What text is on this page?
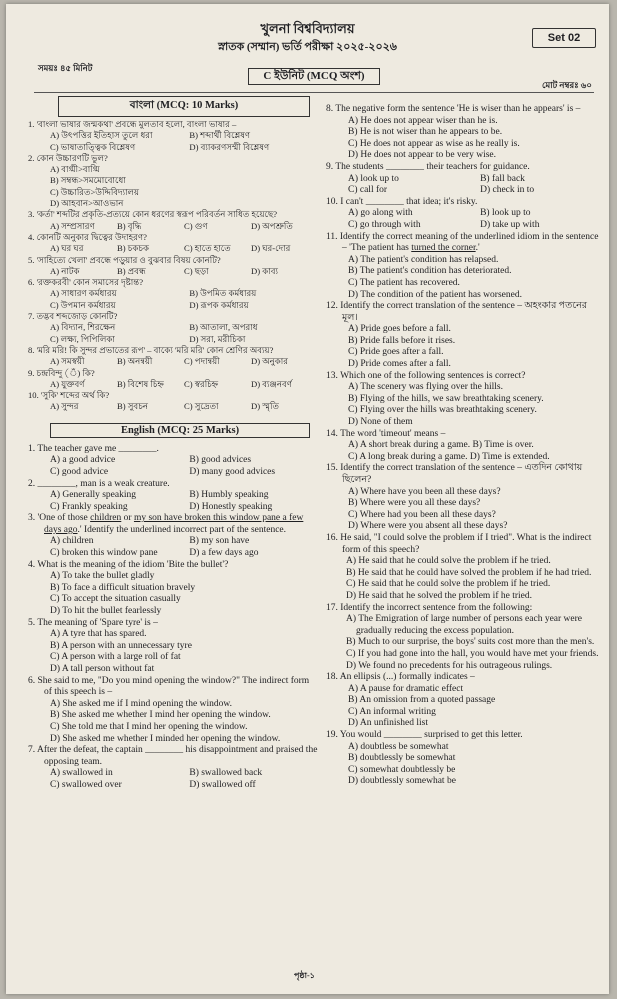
খুলনা বিশ্ববিদ্যালয়
স্নাতক (সম্মান) ভর্তি পরীক্ষা ২০২৫-২০২৬
Set 02
সময়ঃ ৪৫ মিনিট
C ইউনিট (MCQ অংশ)
মোট নম্বরঃ ৬০
বাংলা (MCQ: 10 Marks)
1. 'বাংলা ভাষার জন্মকথা' প্রবন্ধে মুলতাব হলো, বাংলা ভাষার –
A) উৎপত্তির ইতিহাস তুলে ধরা	B) শব্দার্থী বিশ্লেষণ
C) ভাষাতাত্ত্বিক বিশ্লেষণ	D) ব্যাকরণসম্মী বিশ্লেষণ
2. কোন উচ্চারণটি ভুল?
A) বাগ্মী>বাগ্মি
B) সম্বন্ধ>সমমোবোধো
C) উচ্চারিত>উদ্দিবিদ্যালয়
D) আহবান>আওভান
3. 'কর্তা' শব্দটির প্রকৃতি-প্রত্যয়ে কোন ধরণের স্বরূপ পরিবর্তন সাধিত হয়েছে?
A) সম্প্রসারণ	B) বৃদ্ধি	C) গুণ	D) অপশ্রুতি
4. কোনটি অনুকার দ্বিত্বের উদাহরণ?
A) ঘর ঘর	B) চকচক	C) হাতে হাতে	D) ঘর-দোর
5. 'সাহিত্যে খেলা' প্রবন্ধে পড়ুয়ার ও বুঝবার বিষয় কোনটি?
A) নাটক	B) প্রবন্ধ	C) ছড়া	D) কাব্য
6. 'রক্তকরবী' কোন সমাসের দৃষ্টান্ত?
A) সাধারণ কর্মধারয়	B) উপমিত কর্মধারয়
C) উপমান কর্মধারয়	D) রূপক কর্মধারয়
7. তদ্ভব শব্দজোড় কোনটি?
A) বিদ্যান, শিরক্ষেন	B) আতালা, অপরাধ
C) লক্ষ্য, পিপিলিকা	D) সরা, মরীচিকা
8. 'মরি মরি! কি সুন্দর প্রভাতের রূপ' – বাক্যে 'মরি মরি' কোন শ্রেণির অব্যয়?
A) সমস্বয়ী	B) অনন্বয়ী	C) পদান্বয়ী	D) অনুকার
9. চন্দ্রবিন্দু (ঁ) কি?
A) যুক্তবর্ণ	B) বিশেষ চিহ্ন	C) স্বরচিহ্ন	D) ব্যঞ্জনবর্ণ
10. 'সুকি' শব্দের অর্থ কি?
A) সুন্দর	B) সুবচন	C) সুদ্রেতা	D) স্মৃতি
English (MCQ: 25 Marks)
1. The teacher gave me ________.
A) a good advice	B) good advices
C) good advice	D) many good advices
2. ________, man is a weak creature.
A) Generally speaking	B) Humbly speaking
C) Frankly speaking	D) Honestly speaking
3. 'One of those children or my son have broken this window pane a few days ago.' Identify the underlined incorrect part of the sentence.
A) children	B) my son have
C) broken this window pane	D) a few days ago
4. What is the meaning of the idiom 'Bite the bullet'?
A) To take the bullet gladly
B) To face a difficult situation bravely
C) To accept the situation casually
D) To hit the bullet fearlessly
5. The meaning of 'Spare tyre' is –
A) A tyre that has spared.
B) A person with an unnecessary tyre
C) A person with a large roll of fat
D) A tall person without fat
6. She said to me, "Do you mind opening the window?" The indirect form of this speech is –
A) She asked me if I mind opening the window.
B) She asked me whether I mind her opening the window.
C) She told me that I mind her opening the window.
D) She asked me whether I minded her opening the window.
7. After the defeat, the captain ________ his disappointment and praised the opposing team.
A) swallowed in	B) swallowed back
C) swallowed over	D) swallowed off
8. The negative form the sentence 'He is wiser than he appears' is –
A) He does not appear wiser than he is.
B) He is not wiser than he appears to be.
C) He does not appear as wise as he really is.
D) He does not appear to be very wise.
9. The students ________ their teachers for guidance.
A) look up to	B) fall back
C) call for	D) check in to
10. I can't ________ that idea; it's risky.
A) go along with	B) look up to
C) go through with	D) take up with
11. Identify the correct meaning of the underlined idiom in the sentence – 'The patient has turned the corner.'
A) The patient's condition has relapsed.
B) The patient's condition has deteriorated.
C) The patient has recovered.
D) The condition of the patient has worsened.
12. Identify the correct translation of the sentence – অহংকার পতনের মূল।
A) Pride goes before a fall.
B) Pride falls before it rises.
C) Pride goes after a fall.
D) Pride comes after a fall.
13. Which one of the following sentences is correct?
A) The scenery was flying over the hills.
B) Flying of the hills, we saw breathtaking scenery.
C) Flying over the hills was breathtaking scenery.
D) None of them
14. The word 'timeout' means –
A) A short break during a game. B) Time is over.
C) A long break during a game. D) Time is extended.
15. Identify the correct translation of the sentence – এতদিন কোথায় ছিলেন?
A) Where have you been all these days?
B) Where were you all these days?
C) Where had you been all these days?
D) Where were you absent all these days?
16. He said, "I could solve the problem if I tried". What is the indirect form of this speech?
A) He said that he could solve the problem if he tried.
B) He said that he could have solved the problem if he had tried.
C) He said that he could solve the problem if he tried.
D) He said that he solved the problem if he tried.
17. Identify the incorrect sentence from the following:
A) The Emigration of large number of persons each year were gradually reducing the excess population.
B) Much to our surprise, the boys' suits cost more than the men's.
C) If you had gone into the hall, you would have met your friends.
D) We found no precedents for his outrageous rulings.
18. An ellipsis (...) formally indicates –
A) A pause for dramatic effect
B) An omission from a quoted passage
C) An informal writing
D) An unfinished list
19. You would ________ surprised to get this letter.
A) doubtless be somewhat
B) doubtlessly be somewhat
C) somewhat doubtlessly be
D) doubtlessly somewhat be
পৃষ্ঠা-১
